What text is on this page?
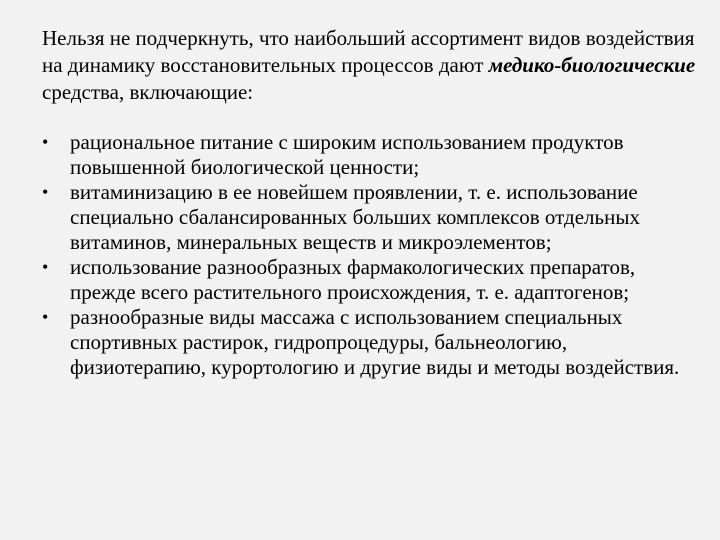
Нельзя не подчеркнуть, что наибольший ассортимент видов воздействия на динамику восстановительных процессов дают медико-биологические средства, включающие:

•	рациональное питание с широким использованием продуктов повышенной биологической ценности;
•	витаминизацию в ее новейшем проявлении, т. е. использование специально сбалансированных больших комплексов отдельных витаминов, минеральных веществ и микроэлементов;
•	использование разнообразных фармакологических препаратов, прежде всего растительного происхождения, т. е. адаптогенов;
•	разнообразные виды массажа с использованием специальных спортивных растирок, гидропроцедуры, бальнеологию, физиотерапию, курортологию и другие виды и методы воздействия.
